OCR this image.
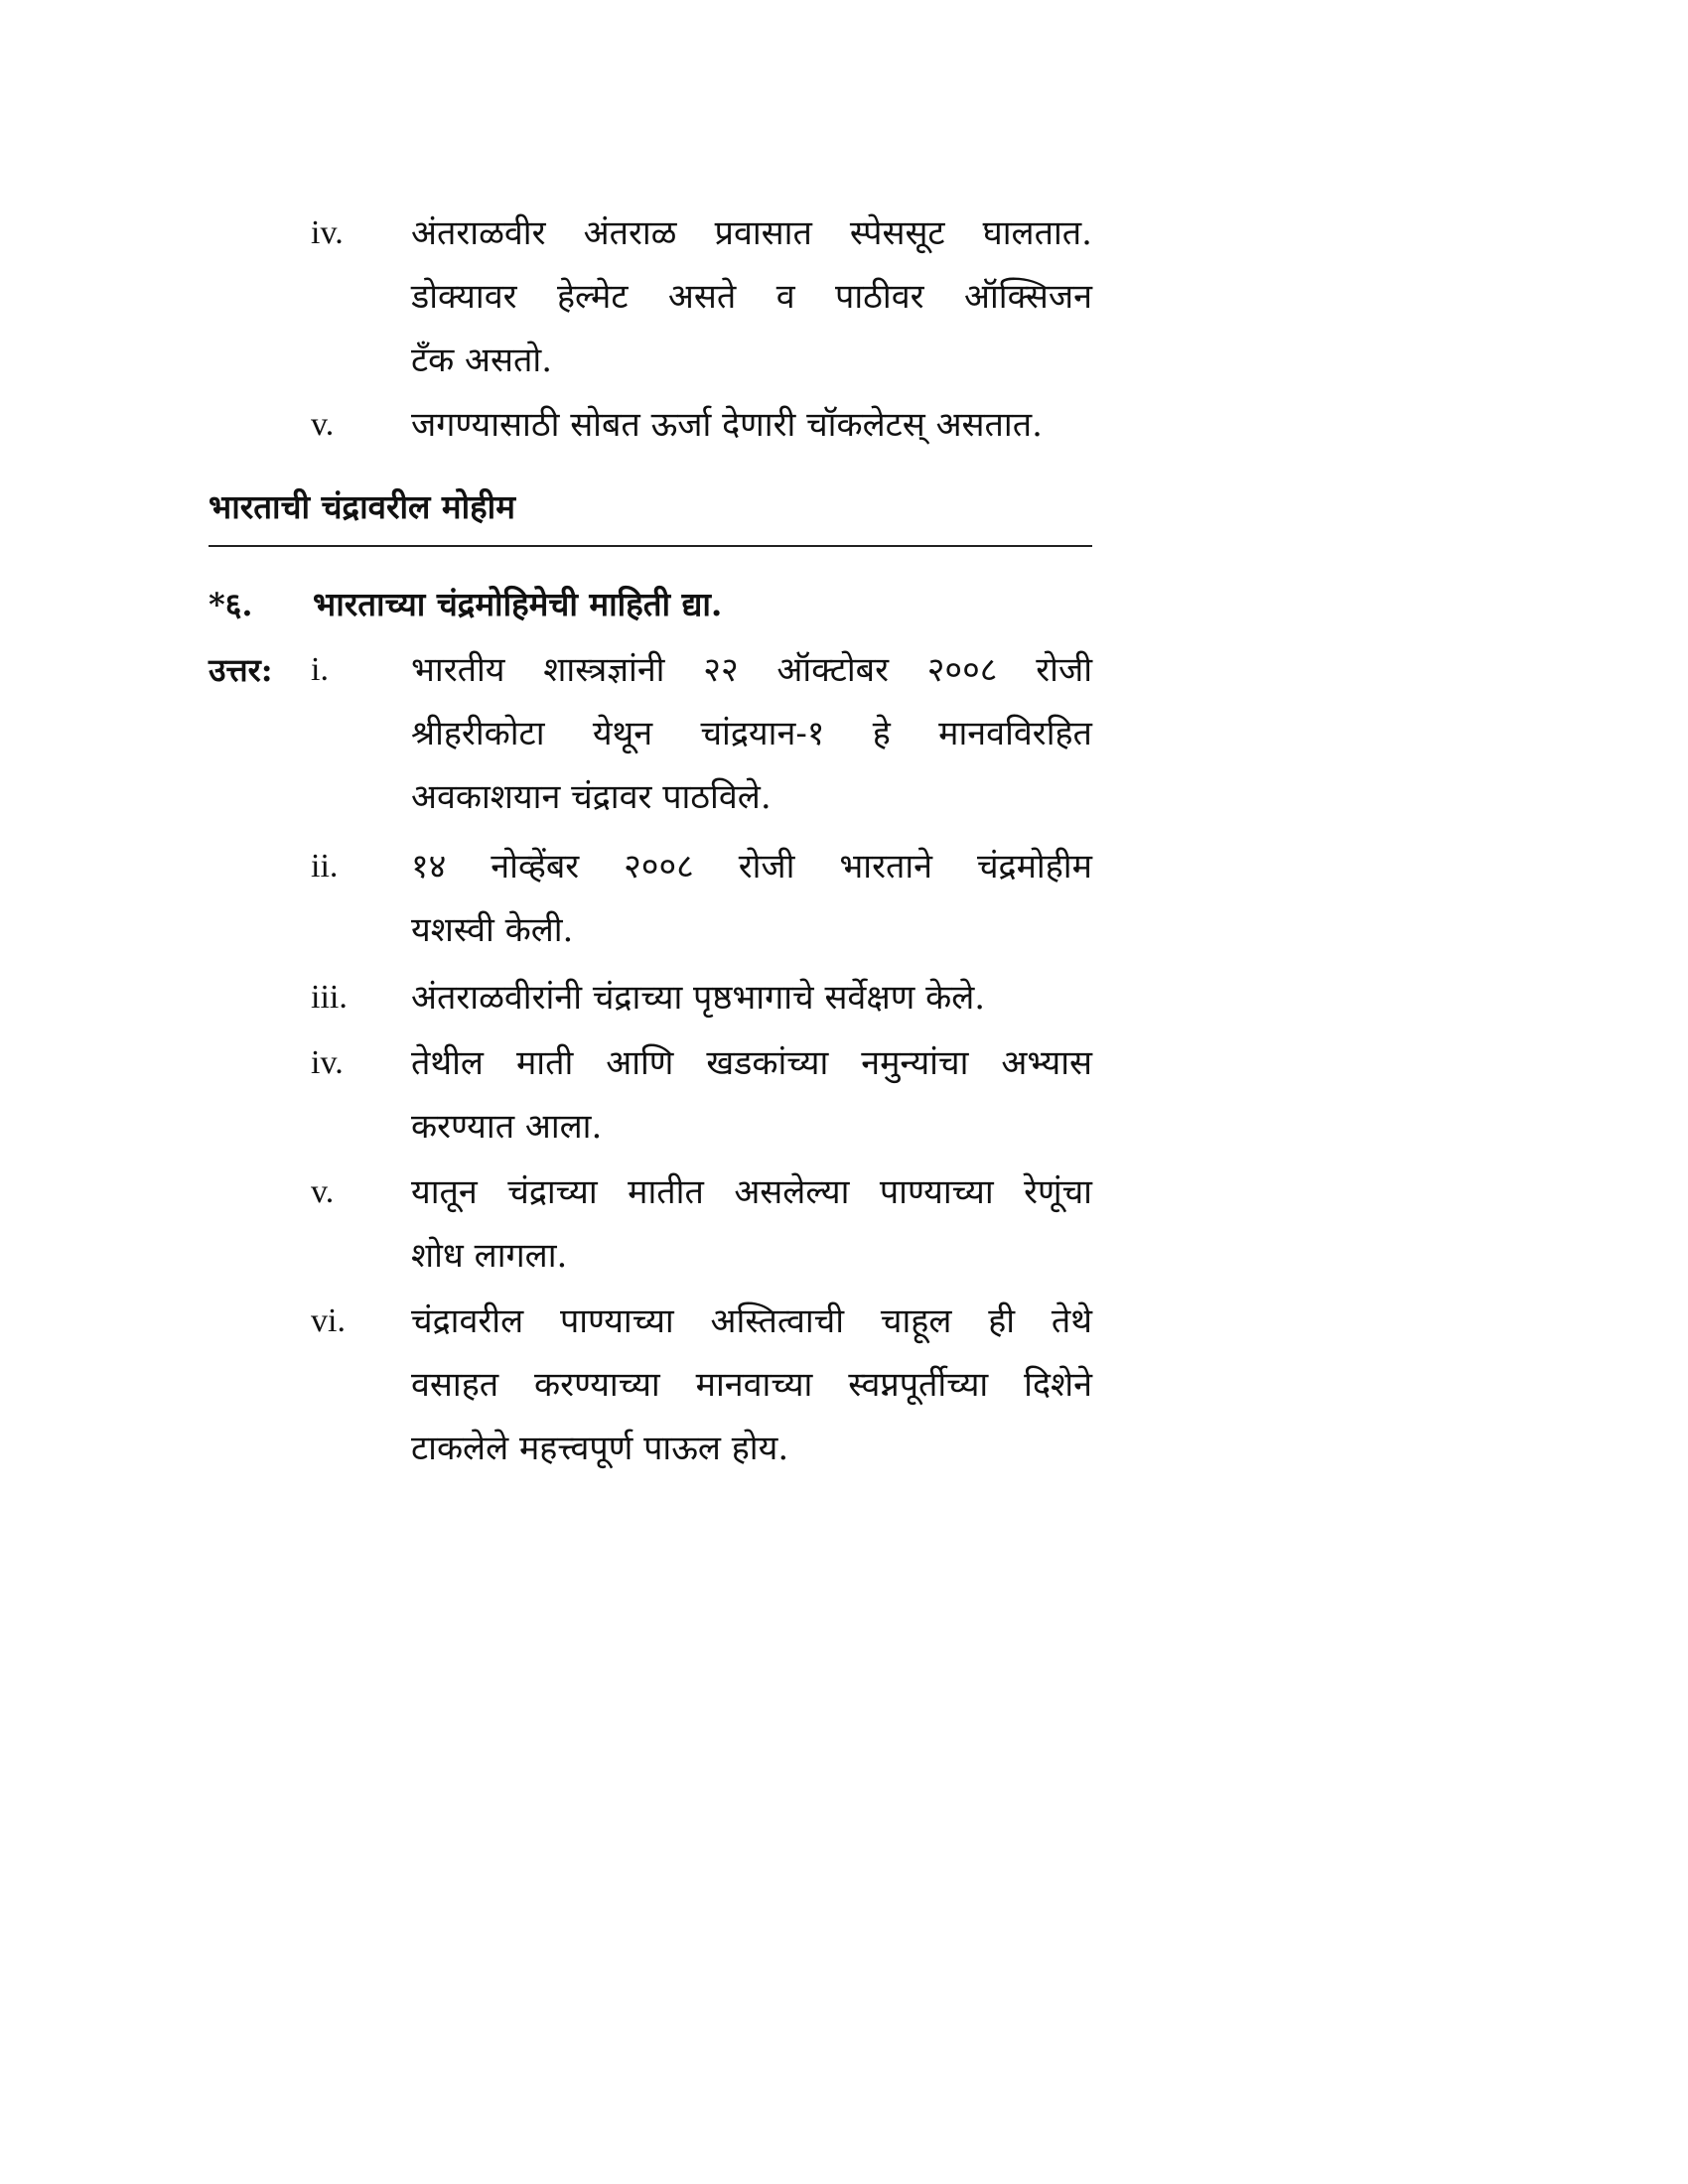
iv. अंतराळवीर अंतराळ प्रवासात स्पेससूट घालतात.
डोक्यावर हेल्मेट असते व पाठीवर ऑक्सिजन
टँक असतो.
v. जगण्यासाठी सोबत ऊर्जा देणारी चॉकलेटस् असतात.
भारताची चंद्रावरील मोहीम
*६. भारताच्या चंद्रमोहिमेची माहिती द्या.
उत्तर: i. भारतीय शास्त्रज्ञांनी २२ ऑक्टोबर २००८ रोजी
श्रीहरीकोटा येथून चांद्रयान-१ हे मानवविरहित
अवकाशयान चंद्रावर पाठविले.
ii. १४ नोव्हेंबर २००८ रोजी भारताने चंद्रमोहीम
यशस्वी केली.
iii. अंतराळवीरांनी चंद्राच्या पृष्ठभागाचे सर्वेक्षण केले.
iv. तेथील माती आणि खडकांच्या नमुन्यांचा अभ्यास
करण्यात आला.
v. यातून चंद्राच्या मातीत असलेल्या पाण्याच्या रेणूंचा
शोध लागला.
vi. चंद्रावरील पाण्याच्या अस्तित्वाची चाहूल ही तेथे
वसाहत करण्याच्या मानवाच्या स्वप्नपूर्तीच्या दिशेने
टाकलेले महत्त्वपूर्ण पाऊल होय.
